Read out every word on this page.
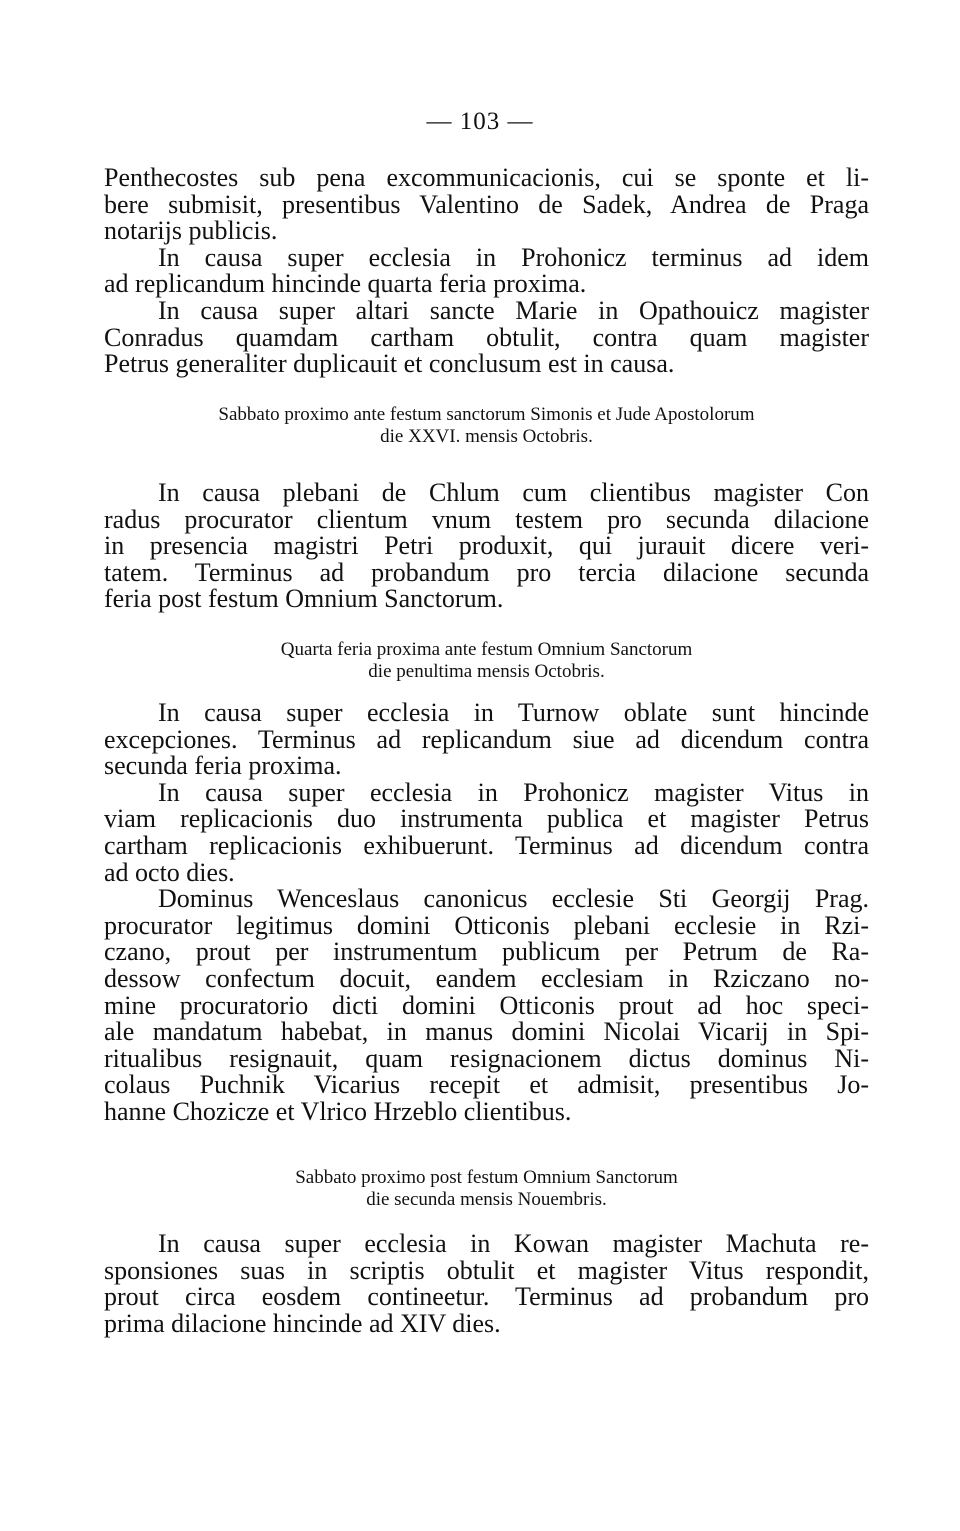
— 103 —
Penthecostes sub pena excommunicacionis, cui se sponte et li-
bere submisit, presentibus Valentino de Sadek, Andrea de Praga
notarijs publicis.
In causa super ecclesia in Prohonicz terminus ad idem
ad replicandum hincinde quarta feria proxima.
In causa super altari sancte Marie in Opathouicz magister
Conradus quamdam cartham obtulit, contra quam magister
Petrus generaliter duplicauit et conclusum est in causa.
Sabbato proximo ante festum sanctorum Simonis et Jude Apostolorum
die XXVI. mensis Octobris.
In causa plebani de Chlum cum clientibus magister Con
radus procurator clientum vnum testem pro secunda dilacione
in presencia magistri Petri produxit, qui jurauit dicere veri-
tatem. Terminus ad probandum pro tercia dilacione secunda
feria post festum Omnium Sanctorum.
Quarta feria proxima ante festum Omnium Sanctorum
die penultima mensis Octobris.
In causa super ecclesia in Turnow oblate sunt hincinde
excepciones. Terminus ad replicandum siue ad dicendum contra
secunda feria proxima.
In causa super ecclesia in Prohonicz magister Vitus in
viam replicacionis duo instrumenta publica et magister Petrus
cartham replicacionis exhibuerunt. Terminus ad dicendum contra
ad octo dies.
Dominus Wenceslaus canonicus ecclesie Sti Georgij Prag.
procurator legitimus domini Otticonis plebani ecclesie in Rzi-
czano, prout per instrumentum publicum per Petrum de Ra-
dessow confectum docuit, eandem ecclesiam in Rziczano no-
mine procuratorio dicti domini Otticonis prout ad hoc speci-
ale mandatum habebat, in manus domini Nicolai Vicarij in Spi-
ritualibus resignauit, quam resignacionem dictus dominus Ni-
colaus Puchnik Vicarius recepit et admisit, presentibus Jo-
hanne Chozicze et Vlrico Hrzeblo clientibus.
Sabbato proximo post festum Omnium Sanctorum
die secunda mensis Nouembris.
In causa super ecclesia in Kowan magister Machuta re-
sponsiones suas in scriptis obtulit et magister Vitus respondit,
prout circa eosdem contineetur. Terminus ad probandum pro
prima dilacione hincinde ad XIV dies.
